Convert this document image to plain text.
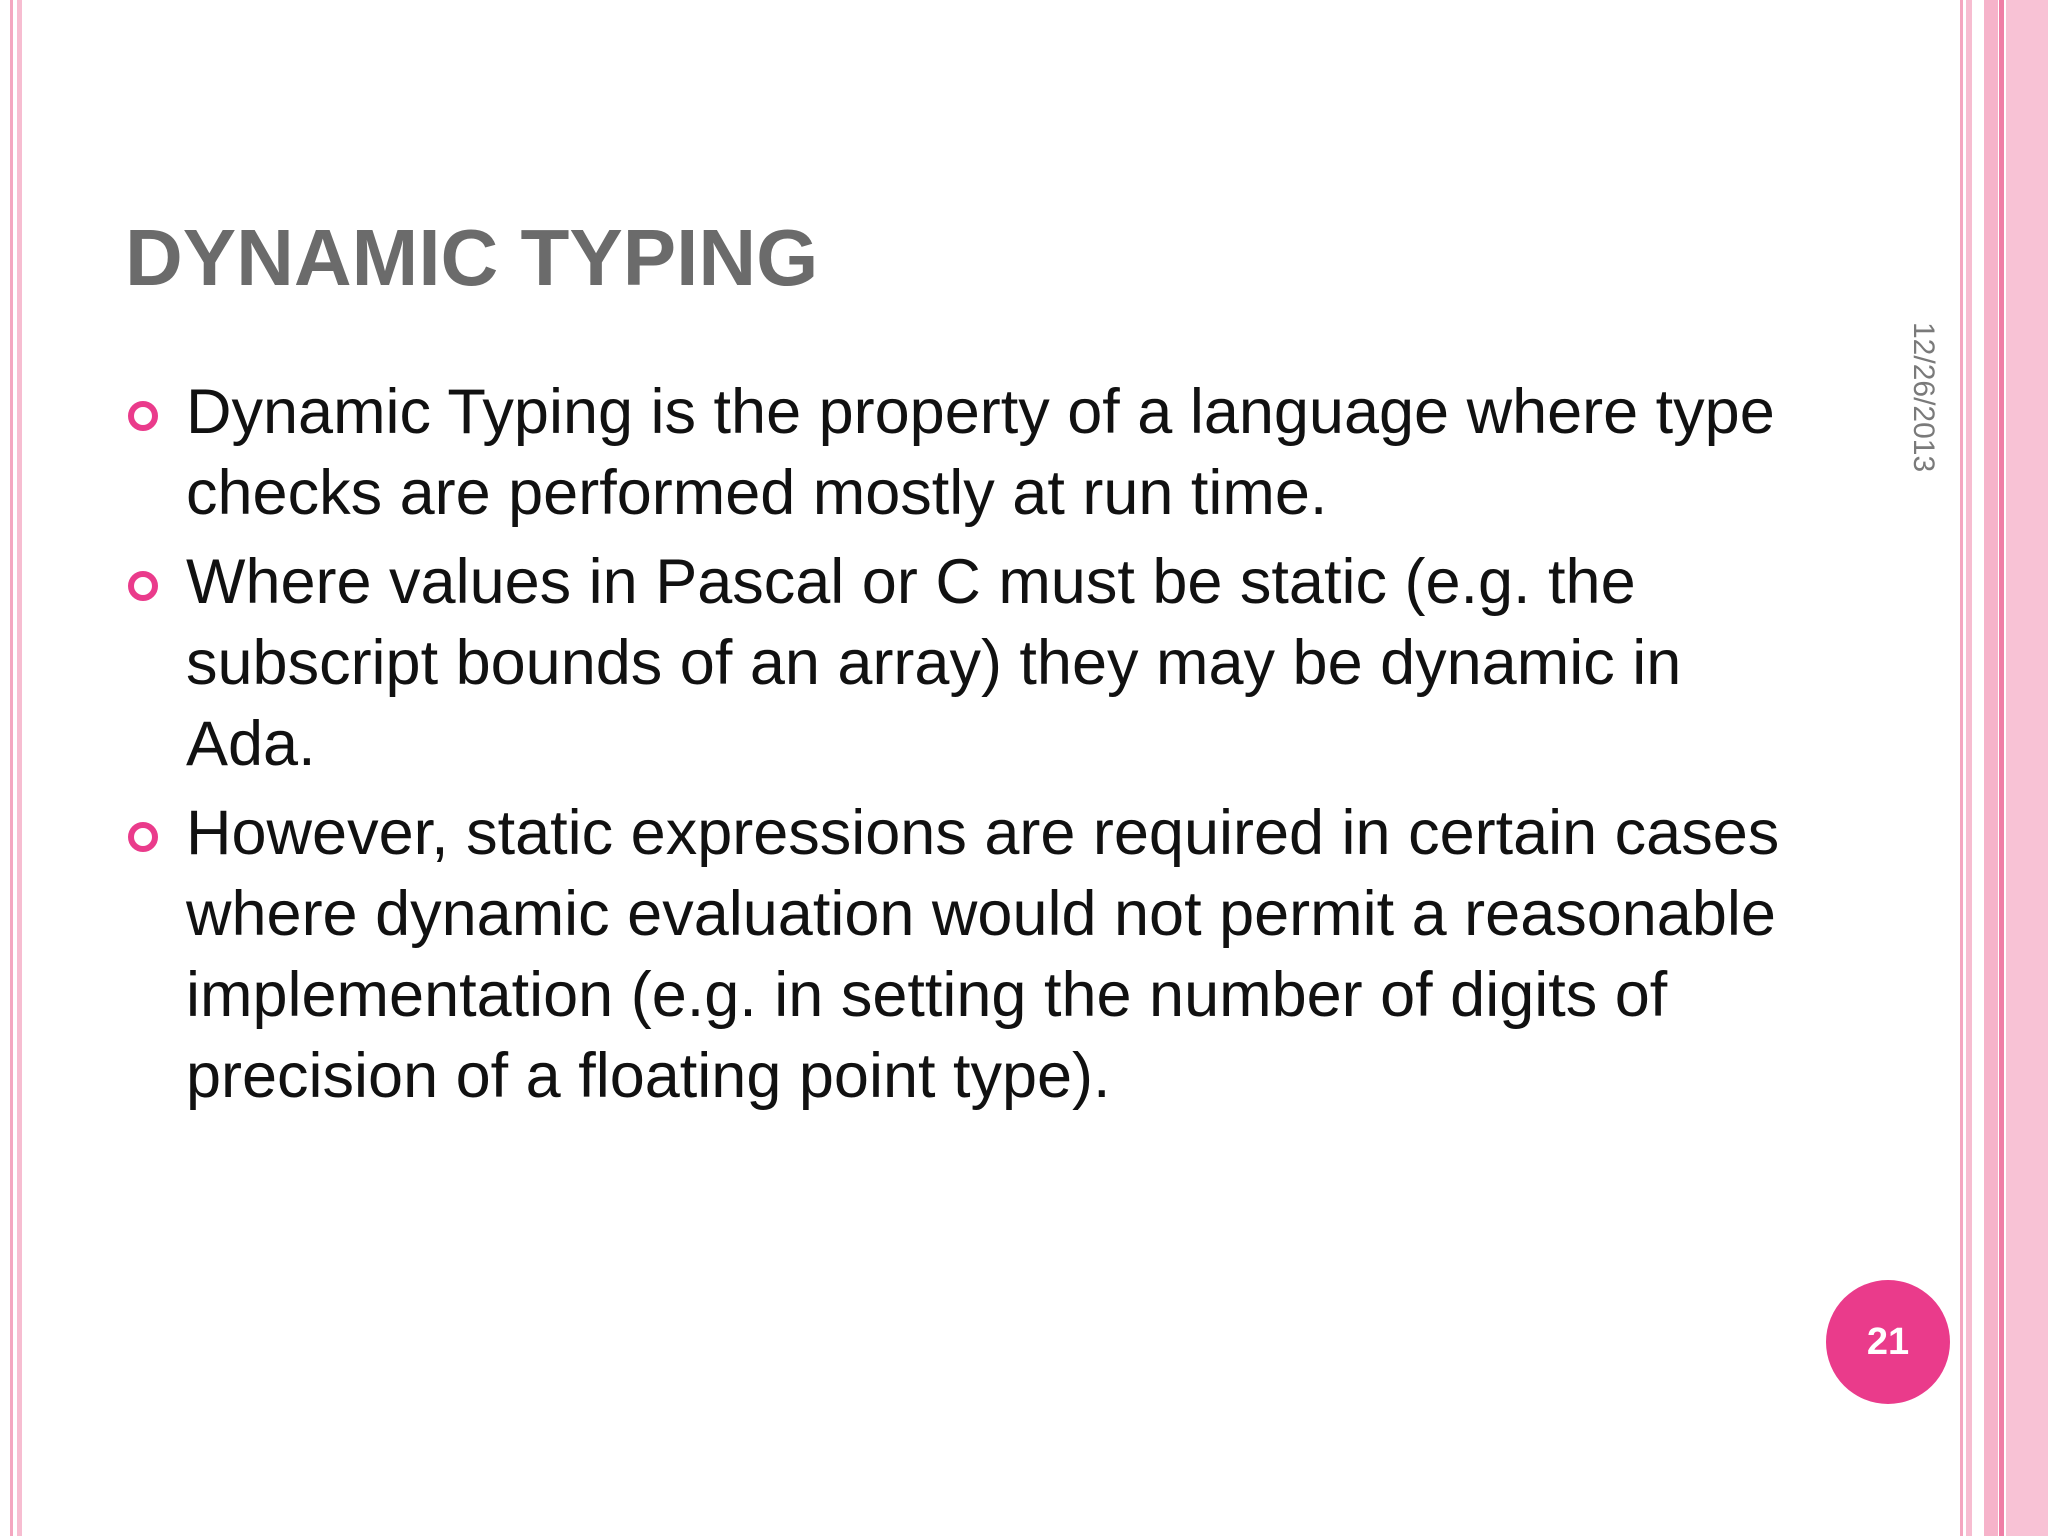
DYNAMIC TYPING
Dynamic Typing is the property of a language where type checks are performed mostly at run time.
Where values in Pascal or C must be static (e.g. the subscript bounds of an array) they may be dynamic in Ada.
However, static expressions are required in certain cases where dynamic evaluation would not permit a reasonable implementation (e.g. in setting the number of digits of precision of a floating point type).
12/26/2013
21
